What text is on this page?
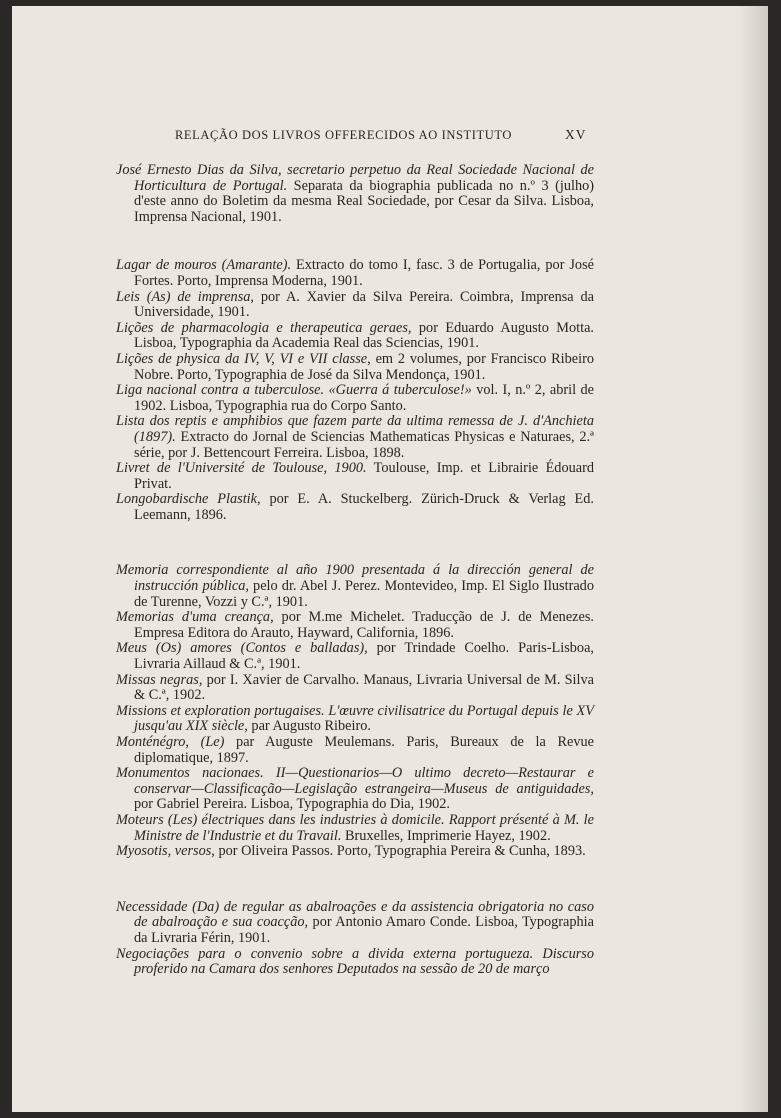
RELAÇÃO DOS LIVROS OFFERECIDOS AO INSTITUTO	XV

José Ernesto Dias da Silva, secretario perpetuo da Real Sociedade Nacional de Horticultura de Portugal. Separata da biographia publicada no n.º 3 (julho) d'este anno do Boletim da mesma Real Sociedade, por Cesar da Silva. Lisboa, Imprensa Nacional, 1901.

Lagar de mouros (Amarante). Extracto do tomo I, fasc. 3 de Portugalia, por José Fortes. Porto, Imprensa Moderna, 1901.

Leis (As) de imprensa, por A. Xavier da Silva Pereira. Coimbra, Imprensa da Universidade, 1901.

Lições de pharmacologia e therapeutica geraes, por Eduardo Augusto Motta. Lisboa, Typographia da Academia Real das Sciencias, 1901.

Lições de physica da IV, V, VI e VII classe, em 2 volumes, por Francisco Ribeiro Nobre. Porto, Typographia de José da Silva Mendonça, 1901.

Liga nacional contra a tuberculose. «Guerra á tuberculose!» vol. I, n.º 2, abril de 1902. Lisboa, Typographia rua do Corpo Santo.

Lista dos reptis e amphibios que fazem parte da ultima remessa de J. d'Anchieta (1897). Extracto do Jornal de Sciencias Mathematicas Physicas e Naturaes, 2.ª série, por J. Bettencourt Ferreira. Lisboa, 1898.

Livret de l'Université de Toulouse, 1900. Toulouse, Imp. et Librairie Édouard Privat.

Longobardische Plastik, por E. A. Stuckelberg. Zürich-Druck & Verlag Ed. Leemann, 1896.

Memoria correspondiente al año 1900 presentada á la dirección general de instrucción pública, pelo dr. Abel J. Perez. Montevideo, Imp. El Siglo Ilustrado de Turenne, Vozzi y C.ª, 1901.

Memorias d'uma creança, por M.me Michelet. Traducção de J. de Menezes. Empresa Editora do Arauto, Hayward, California, 1896.

Meus (Os) amores (Contos e balladas), por Trindade Coelho. Paris-Lisboa, Livraria Aillaud & C.ª, 1901.

Missas negras, por I. Xavier de Carvalho. Manaus, Livraria Universal de M. Silva & C.ª, 1902.

Missions et exploration portugaises. L'œuvre civilisatrice du Portugal depuis le XV jusqu'au XIX siècle, par Augusto Ribeiro.

Monténégro, (Le) par Auguste Meulemans. Paris, Bureaux de la Revue diplomatique, 1897.

Monumentos nacionaes. II—Questionarios—O ultimo decreto—Restaurar e conservar—Classificação—Legislação estrangeira—Museus de antiguidades, por Gabriel Pereira. Lisboa, Typographia do Dia, 1902.

Moteurs (Les) électriques dans les industries à domicile. Rapport présenté à M. le Ministre de l'Industrie et du Travail. Bruxelles, Imprimerie Hayez, 1902.

Myosotis, versos, por Oliveira Passos. Porto, Typographia Pereira & Cunha, 1893.

Necessidade (Da) de regular as abalroações e da assistencia obrigatoria no caso de abalroação e sua coacção, por Antonio Amaro Conde. Lisboa, Typographia da Livraria Férin, 1901.

Negociações para o convenio sobre a divida externa portugueza. Discurso proferido na Camara dos senhores Deputados na sessão de 20 de março
